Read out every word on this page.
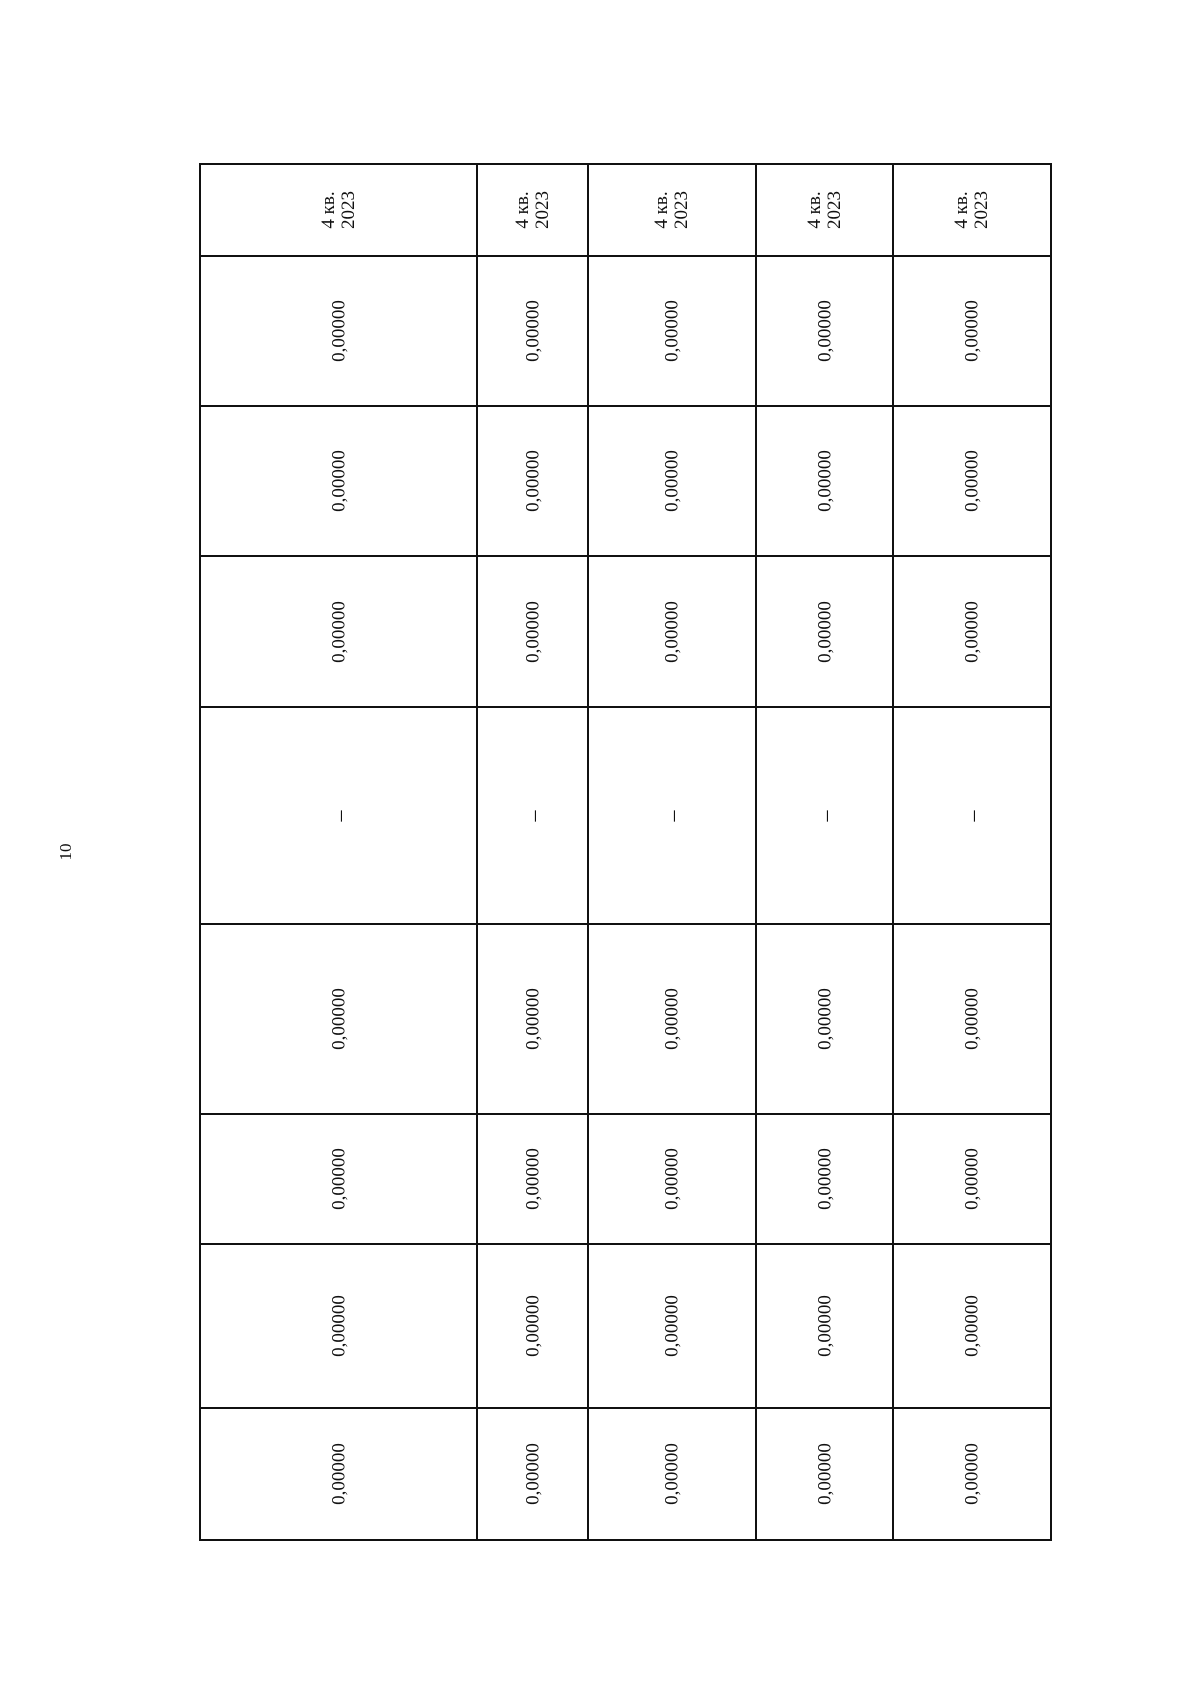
10
4 кв. 2023
0,00000
0,00000
0,00000
–
0,00000
0,00000
0,00000
0,00000
4 кв. 2023
0,00000
0,00000
0,00000
–
0,00000
0,00000
0,00000
0,00000
4 кв. 2023
0,00000
0,00000
0,00000
–
0,00000
0,00000
0,00000
0,00000
4 кв. 2023
0,00000
0,00000
0,00000
–
0,00000
0,00000
0,00000
0,00000
4 кв. 2023
0,00000
0,00000
0,00000
–
0,00000
0,00000
0,00000
0,00000
